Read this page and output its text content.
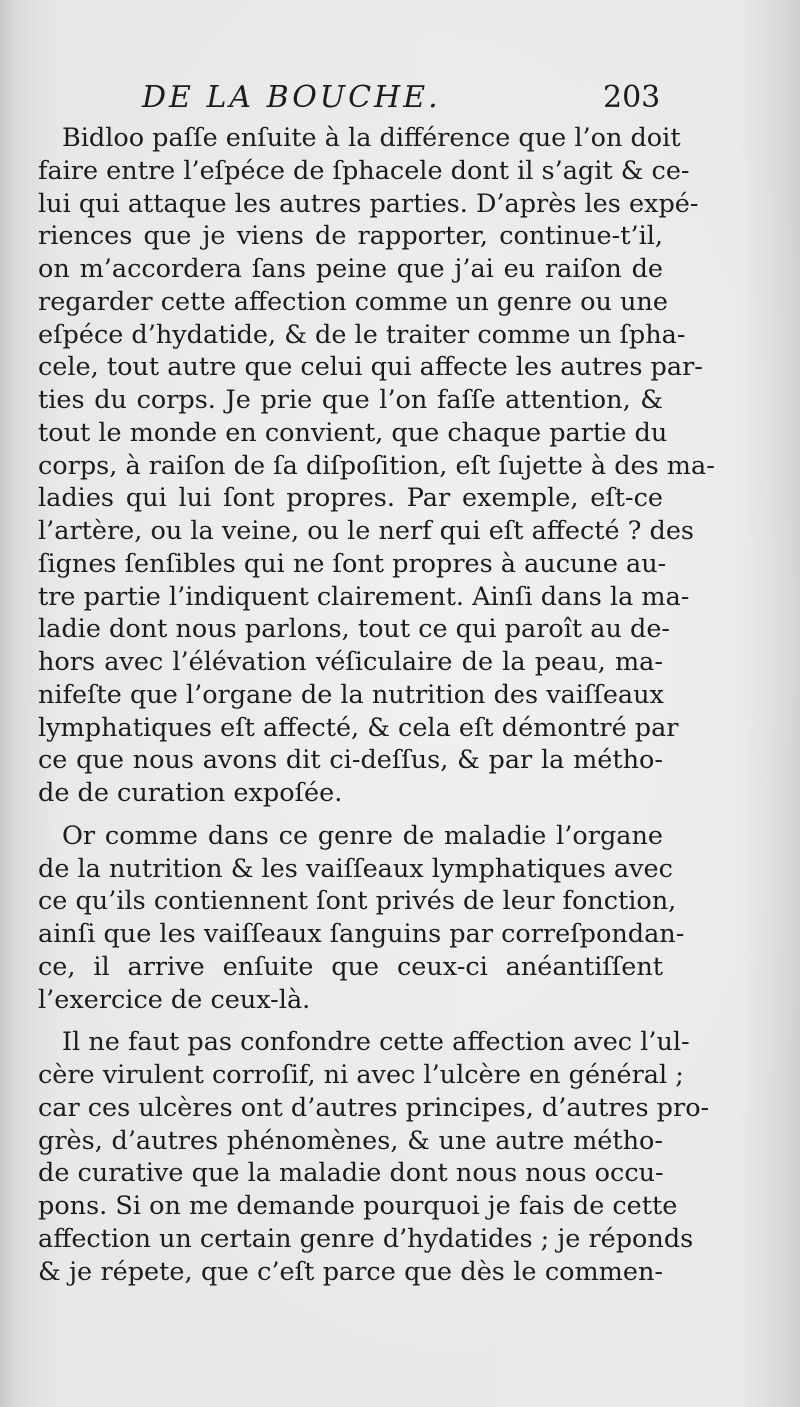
DE LA BOUCHE.	203
Bidloo paſſe enſuite à la différence que l’on doit
faire entre l’eſpéce de ſphacele dont il s’agit & ce-
lui qui attaque les autres parties. D’après les expé-
riences que je viens de rapporter, continue-t’il,
on m’accordera ſans peine que j’ai eu raiſon de
regarder cette affection comme un genre ou une
eſpéce d’hydatide, & de le traiter comme un ſpha-
cele, tout autre que celui qui affecte les autres par-
ties du corps. Je prie que l’on faſſe attention, &
tout le monde en convient, que chaque partie du
corps, à raiſon de ſa diſpoſition, eſt ſujette à des ma-
ladies qui lui ſont propres. Par exemple, eſt-ce
l’artère, ou la veine, ou le nerf qui eſt affecté ? des
ſignes ſenſibles qui ne ſont propres à aucune au-
tre partie l’indiquent clairement. Ainſi dans la ma-
ladie dont nous parlons, tout ce qui paroît au de-
hors avec l’élévation véſiculaire de la peau, ma-
nifeſte que l’organe de la nutrition des vaiſſeaux
lymphatiques eſt affecté, & cela eſt démontré par
ce que nous avons dit ci-deſſus, & par la métho-
de de curation expoſée.
Or comme dans ce genre de maladie l’organe
de la nutrition & les vaiſſeaux lymphatiques avec
ce qu’ils contiennent ſont privés de leur fonction,
ainſi que les vaiſſeaux ſanguins par correſpondan-
ce, il arrive enſuite que ceux-ci anéantiſſent
l’exercice de ceux-là.
Il ne faut pas confondre cette affection avec l’ul-
cère virulent corroſif, ni avec l’ulcère en général ;
car ces ulcères ont d’autres principes, d’autres pro-
grès, d’autres phénomènes, & une autre métho-
de curative que la maladie dont nous nous occu-
pons. Si on me demande pourquoi je fais de cette
affection un certain genre d’hydatides ; je réponds
& je répete, que c’eſt parce que dès le commen-
